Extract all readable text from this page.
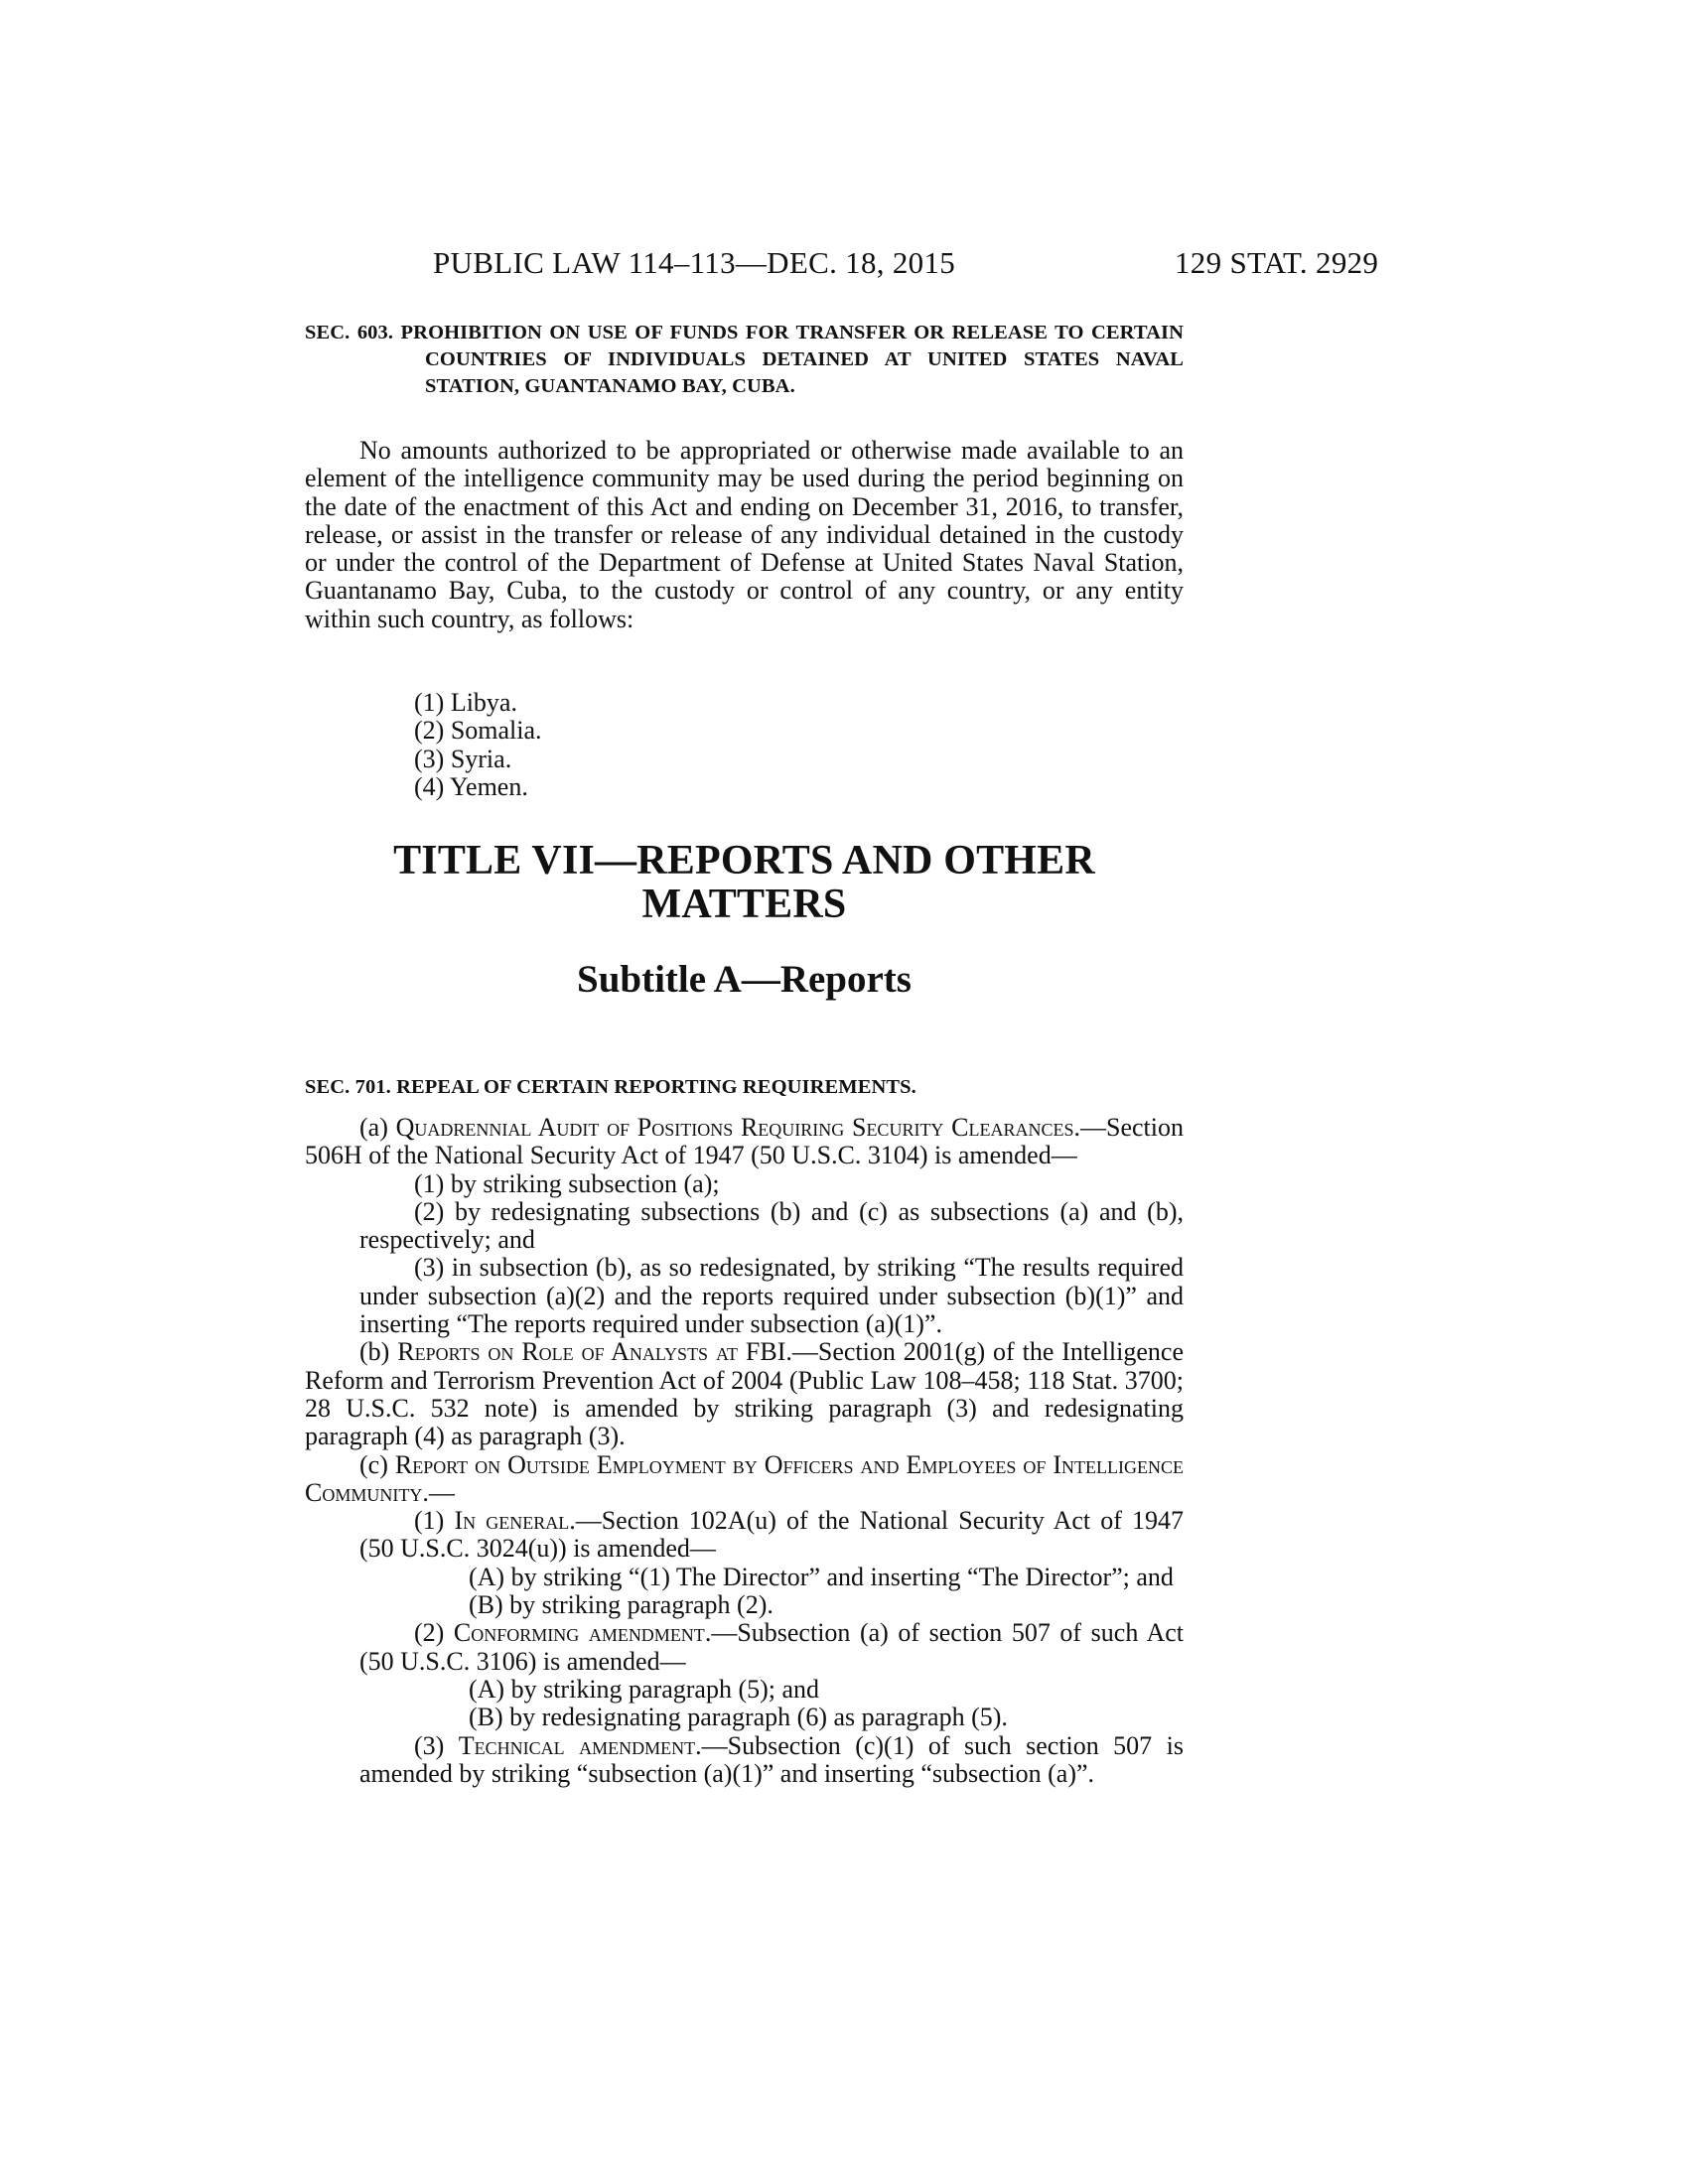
PUBLIC LAW 114–113—DEC. 18, 2015	129 STAT. 2929
SEC. 603. PROHIBITION ON USE OF FUNDS FOR TRANSFER OR RELEASE TO CERTAIN COUNTRIES OF INDIVIDUALS DETAINED AT UNITED STATES NAVAL STATION, GUANTANAMO BAY, CUBA.

No amounts authorized to be appropriated or otherwise made available to an element of the intelligence community may be used during the period beginning on the date of the enactment of this Act and ending on December 31, 2016, to transfer, release, or assist in the transfer or release of any individual detained in the custody or under the control of the Department of Defense at United States Naval Station, Guantanamo Bay, Cuba, to the custody or control of any country, or any entity within such country, as follows:

(1) Libya.
(2) Somalia.
(3) Syria.
(4) Yemen.
TITLE VII—REPORTS AND OTHER
MATTERS
Subtitle A—Reports
SEC. 701. REPEAL OF CERTAIN REPORTING REQUIREMENTS.

(a) Quadrennial Audit of Positions Requiring Security Clearances.—Section 506H of the National Security Act of 1947 (50 U.S.C. 3104) is amended—

(1) by striking subsection (a);

(2) by redesignating subsections (b) and (c) as subsections (a) and (b), respectively; and

(3) in subsection (b), as so redesignated, by striking “The results required under subsection (a)(2) and the reports required under subsection (b)(1)” and inserting “The reports required under subsection (a)(1)”.

(b) Reports on Role of Analysts at FBI.—Section 2001(g) of the Intelligence Reform and Terrorism Prevention Act of 2004 (Public Law 108–458; 118 Stat. 3700; 28 U.S.C. 532 note) is amended by striking paragraph (3) and redesignating paragraph (4) as paragraph (3).

(c) Report on Outside Employment by Officers and Employees of Intelligence Community.—

(1) In general.—Section 102A(u) of the National Security Act of 1947 (50 U.S.C. 3024(u)) is amended—

(A) by striking “(1) The Director” and inserting “The Director”; and

(B) by striking paragraph (2).

(2) Conforming amendment.—Subsection (a) of section 507 of such Act (50 U.S.C. 3106) is amended—

(A) by striking paragraph (5); and

(B) by redesignating paragraph (6) as paragraph (5).

(3) Technical amendment.—Subsection (c)(1) of such section 507 is amended by striking “subsection (a)(1)” and inserting “subsection (a)”.
